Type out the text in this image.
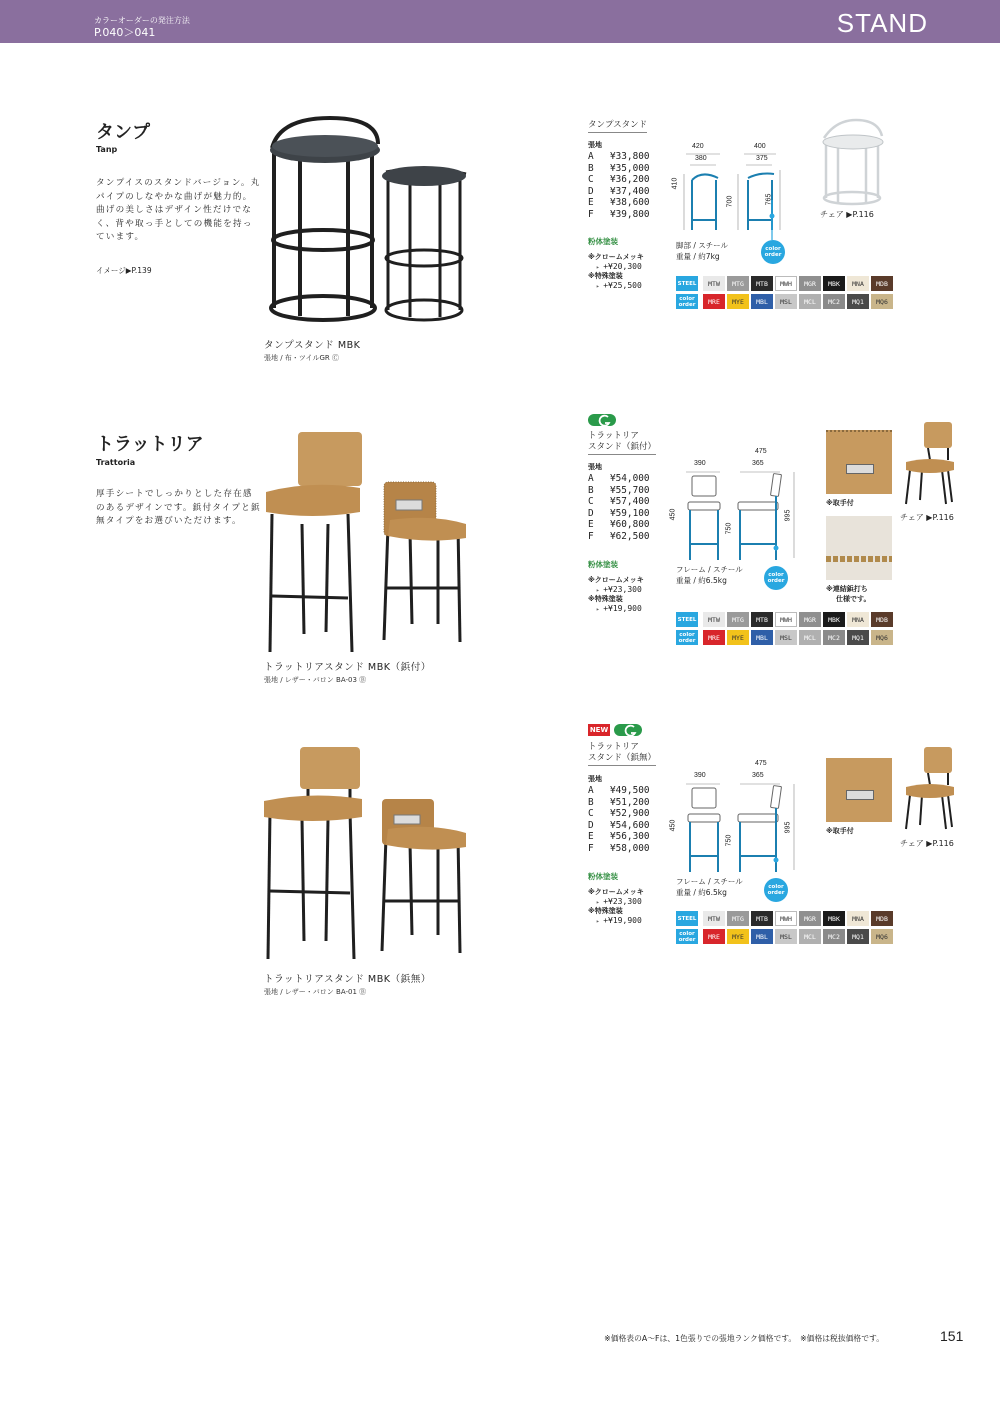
カラーオーダーの発注方法
P.040＞041	STAND
タンプ
Tanp
タンプイスのスタンドバージョン。丸パイプのしなやかな曲げが魅力的。曲げの美しさはデザイン性だけでなく、背や取っ手としての機能を持っています。
イメージ▶P.139
タンプスタンド MBK
張地 / 布・ツイルGR Ⓒ
タンプスタンド
張地
A ¥33,800
B ¥35,000
C ¥36,200
D ¥37,400
E ¥38,600
F ¥39,800
粉体塗装
※クロームメッキ
▸ +¥20,300
※特殊塗装
▸ +¥25,500
420
380
400
375
410
700	765
脚部 / スチール
重量 / 約7kg
color order
チェア ▶P.116
STEEL
color order
MTW	MTG	MTB	MWH	MGR	MBK	MNA	MDB
MRE	MYE	MBL	MSL	MCL	MC2	MQ1	MQ6
トラットリア
Trattoria
厚手シートでしっかりとした存在感のあるデザインです。鋲付タイプと鋲無タイプをお選びいただけます。
トラットリアスタンド MBK（鋲付）
張地 / レザー・バロン BA-03 Ⓑ
トラットリア
スタンド（鋲付）
張地
A ¥54,000
B ¥55,700
C ¥57,400
D ¥59,100
E ¥60,800
F ¥62,500
粉体塗装
※クロームメッキ
▸ +¥23,300
※特殊塗装
▸ +¥19,900
390
475
365
450
750
995
フレーム / スチール
重量 / 約6.5kg
color order
※取手付
※連結鋲打ち
仕様です。
チェア ▶P.116
STEEL
color order
MTW	MTG	MTB	MWH	MGR	MBK	MNA	MDB
MRE	MYE	MBL	MSL	MCL	MC2	MQ1	MQ6
トラットリアスタンド MBK（鋲無）
張地 / レザー・バロン BA-01 Ⓑ
NEW
トラットリア
スタンド（鋲無）
張地
A ¥49,500
B ¥51,200
C ¥52,900
D ¥54,600
E ¥56,300
F ¥58,000
粉体塗装
※クロームメッキ
▸ +¥23,300
※特殊塗装
▸ +¥19,900
390
475
365
450
750
995
フレーム / スチール
重量 / 約6.5kg
color order
※取手付
チェア ▶P.116
STEEL
color order
MTW	MTG	MTB	MWH	MGR	MBK	MNA	MDB
MRE	MYE	MBL	MSL	MCL	MC2	MQ1	MQ6
※価格表のA〜Fは、1色張りでの張地ランク価格です。　※価格は税抜価格です。	151
